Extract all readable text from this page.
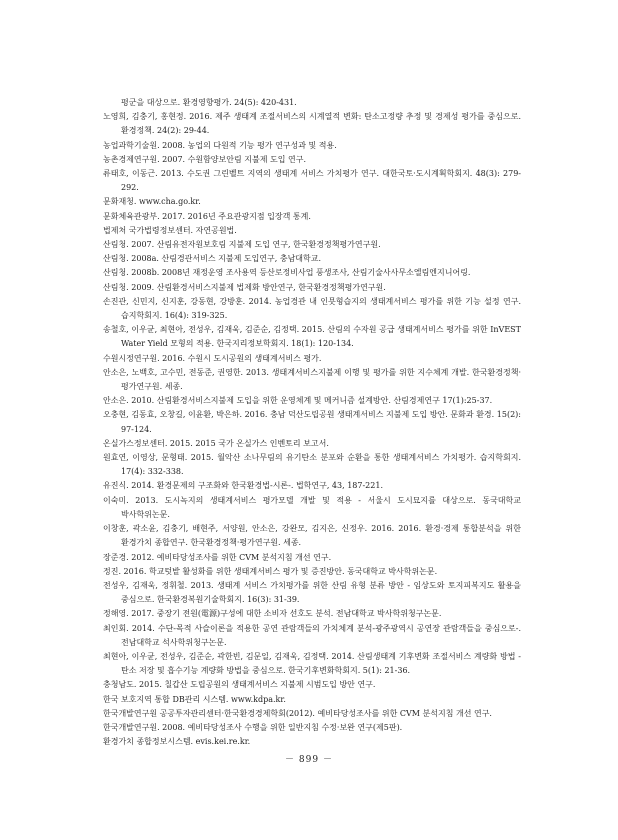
평군을 대상으로. 환경영향평가. 24(5): 420-431.

노영희, 김충기, 홍현정. 2016. 제주 생태계 조절서비스의 시계열적 변화: 탄소고정량 추정 및 경제성 평가를 중심으로. 환경정책. 24(2): 29-44.

농업과학기술원. 2008. 농업의 다원적 기능 평가 연구성과 및 적용.

농촌경제연구원. 2007. 수원함양보안림 지불제 도입 연구.

류태호, 이동근. 2013. 수도권 그린벨트 지역의 생태계 서비스 가치평가 연구. 대한국토·도시계획학회지. 48(3): 279-292.

문화재청. www.cha.go.kr.

문화체육관광부. 2017. 2016년 주요관광지점 입장객 통계.

법제처 국가법령정보센터. 자연공원법.

산림청. 2007. 산림유전자원보호림 지불제 도입 연구, 한국환경정책평가연구원.

산림청. 2008a. 산림경관서비스 지불제 도입연구, 충남대학교.

산림청. 2008b. 2008년 재정운영 조사용역 등산로정비사업 풍생조사, 산림기술사사무소엘림엔지니어링.

산림청. 2009. 산림환경서비스지불제 법제화 방안연구, 한국환경정책평가연구원.

손진관, 신민지, 신지훈, 강동현, 강방훈. 2014. 농업경관 내 인묫형습지의 생태계서비스 평가를 위한 기능 설정 연구. 습지학회지. 16(4): 319-325.

송철호, 이우균, 최현아, 전성우, 김재욱, 김준순, 김정택. 2015. 산림의 수자원 공급 생태계서비스 평가를 위한 InVEST Water Yield 모형의 적용. 한국지리정보학회지. 18(1): 120-134.

수원시정연구원. 2016. 수원시 도시공원의 생태계서비스 평가.

안소은, 노백호, 고수민, 전동준, 권영한. 2013. 생태계서비스지불제 이행 및 평가를 위한 지수체계 개발. 한국환경정책·평가연구원. 세종.

안소은. 2010. 산림환경서비스지불제 도입을 위한 운영체계 및 메커니즘 설계방안. 산림경제연구 17(1):25-37.

오충현, 김동효, 오창길, 이윤환, 박은하. 2016. 충남 덕산도립공원 생태계서비스 지불제 도입 방안. 문화과 환경. 15(2): 97-124.

온실가스정보센터. 2015. 2015 국가 온실가스 인벤토리 보고서.

원효연, 이영상, 문형태. 2015. 월악산 소나무림의 유기탄소 분포와 순환을 통한 생태계서비스 가치평가. 습지학회지. 17(4): 332-338.

유진식. 2014. 환경문제의 구조화와 한국환경법-시론-. 법학연구, 43, 187-221.

이숙미. 2013. 도시녹지의 생태계서비스 평가모델 개발 및 적용 - 서울시 도시묘지를 대상으로. 동국대학교 박사학위논문.

이창훈, 곽소윤, 김충기, 배현주, 서양원, 안소은, 강완모, 김지은, 신정우. 2016. 2016. 환경·경제 통합분석을 위한 환경가치 종합연구. 한국환경정책·평가연구원. 세종.

장준경. 2012. 예비타당성조사를 위한 CVM 분석지침 개선 연구.

정진. 2016. 학교텃밭 활성화를 위한 생태계서비스 평가 및 증진방안. 동국대학교 박사학위논문.

전성우, 김재욱, 정휘철. 2013. 생태계 서비스 가치평가를 위한 산림 유형 분류 방안 - 임상도와 토지피복지도 활용을 중심으로. 한국환경복원기술학회지. 16(3): 31-39.

정해영. 2017. 중장기 전원(電源)구성에 대한 소비자 선호도 분석. 전남대학교 박사학위청구논문.

최인회. 2014. 수단-목적 사슬이론을 적용한 공연 관람객들의 가치체계 분석-광주광역시 공연장 관람객들을 중심으로-. 전남대학교 석사학위청구논문.

최현아, 이우균, 전성우, 김준순, 곽한빈, 김문일, 김재욱, 김정택. 2014. 산림생태계 기후변화 조절서비스 계량화 방법 - 탄소 저장 및 흡수기능 계량화 방법을 중심으로. 한국기후변화학회지. 5(1): 21-36.

충청남도. 2015. 칠갑산 도립공원의 생태계서비스 지불제 시범도입 방안 연구.

한국 보호지역 통합 DB관리 시스템. www.kdpa.kr.

한국개발연구원 공공투자관리센터·한국환경경제학회(2012). 예비타당성조사를 위한 CVM 분석지침 개선 연구.

한국개발연구원. 2008. 예비타당성조사 수행을 위한 일반지침 수정·보완 연구(제5판).

환경가치 종합정보시스템. evis.kei.re.kr.

－ 899 －
